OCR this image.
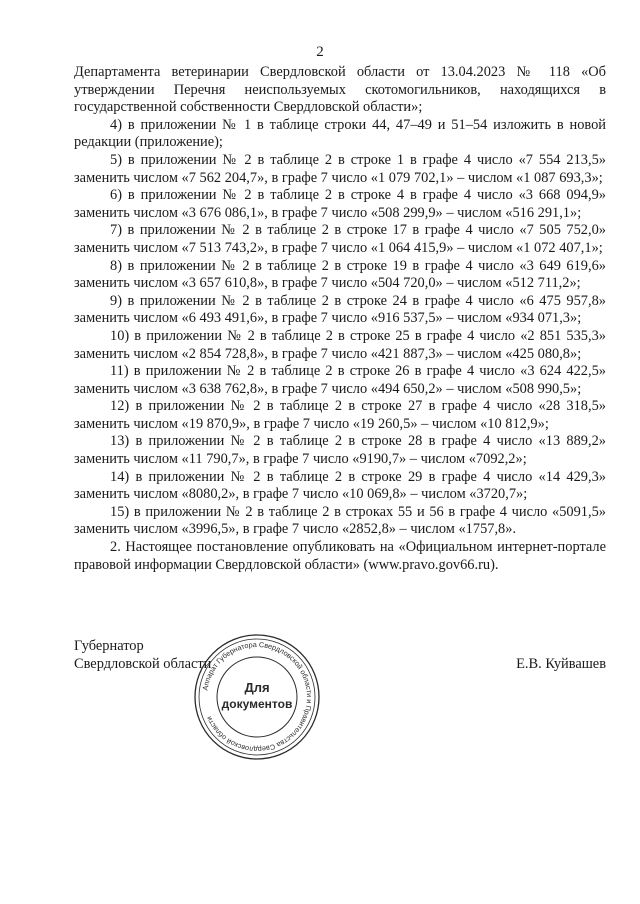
2

Департамента ветеринарии Свердловской области от 13.04.2023 № 118 «Об утверждении Перечня неиспользуемых скотомогильников, находящихся в государственной собственности Свердловской области»;

4) в приложении № 1 в таблице строки 44, 47–49 и 51–54 изложить в новой редакции (приложение);

5) в приложении № 2 в таблице 2 в строке 1 в графе 4 число «7 554 213,5» заменить числом «7 562 204,7», в графе 7 число «1 079 702,1» – числом «1 087 693,3»;

6) в приложении № 2 в таблице 2 в строке 4 в графе 4 число «3 668 094,9» заменить числом «3 676 086,1», в графе 7 число «508 299,9» – числом «516 291,1»;

7) в приложении № 2 в таблице 2 в строке 17 в графе 4 число «7 505 752,0» заменить числом «7 513 743,2», в графе 7 число «1 064 415,9» – числом «1 072 407,1»;

8) в приложении № 2 в таблице 2 в строке 19 в графе 4 число «3 649 619,6» заменить числом «3 657 610,8», в графе 7 число «504 720,0» – числом «512 711,2»;

9) в приложении № 2 в таблице 2 в строке 24 в графе 4 число «6 475 957,8» заменить числом «6 493 491,6», в графе 7 число «916 537,5» – числом «934 071,3»;

10) в приложении № 2 в таблице 2 в строке 25 в графе 4 число «2 851 535,3» заменить числом «2 854 728,8», в графе 7 число «421 887,3» – числом «425 080,8»;

11) в приложении № 2 в таблице 2 в строке 26 в графе 4 число «3 624 422,5» заменить числом «3 638 762,8», в графе 7 число «494 650,2» – числом «508 990,5»;

12) в приложении № 2 в таблице 2 в строке 27 в графе 4 число «28 318,5» заменить числом «19 870,9», в графе 7 число «19 260,5» – числом «10 812,9»;

13) в приложении № 2 в таблице 2 в строке 28 в графе 4 число «13 889,2» заменить числом «11 790,7», в графе 7 число «9190,7» – числом «7092,2»;

14) в приложении № 2 в таблице 2 в строке 29 в графе 4 число «14 429,3» заменить числом «8080,2», в графе 7 число «10 069,8» – числом «3720,7»;

15) в приложении № 2 в таблице 2 в строках 55 и 56 в графе 4 число «5091,5» заменить числом «3996,5», в графе 7 число «2852,8» – числом «1757,8».

2. Настоящее постановление опубликовать на «Официальном интернет-портале правовой информации Свердловской области» (www.pravo.gov66.ru).

Губернатор
Свердловской области
Аппарат Губернатора Свердловской области и Правительства Свердловской области
Для
документов
Е.В. Куйвашев
